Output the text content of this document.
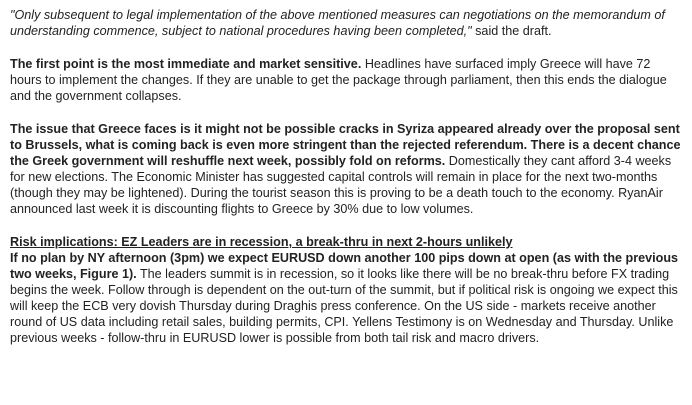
"Only subsequent to legal implementation of the above mentioned measures can negotiations on the memorandum of understanding commence, subject to national procedures having been completed," said the draft.

The first point is the most immediate and market sensitive. Headlines have surfaced imply Greece will have 72 hours to implement the changes. If they are unable to get the package through parliament, then this ends the dialogue and the government collapses.

The issue that Greece faces is it might not be possible cracks in Syriza appeared already over the proposal sent to Brussels, what is coming back is even more stringent than the rejected referendum. There is a decent chance the Greek government will reshuffle next week, possibly fold on reforms. Domestically they cant afford 3-4 weeks for new elections. The Economic Minister has suggested capital controls will remain in place for the next two-months (though they may be lightened). During the tourist season this is proving to be a death touch to the economy. RyanAir announced last week it is discounting flights to Greece by 30% due to low volumes.

Risk implications: EZ Leaders are in recession, a break-thru in next 2-hours unlikely
If no plan by NY afternoon (3pm) we expect EURUSD down another 100 pips down at open (as with the previous two weeks, Figure 1). The leaders summit is in recession, so it looks like there will be no break-thru before FX trading begins the week. Follow through is dependent on the out-turn of the summit, but if political risk is ongoing we expect this will keep the ECB very dovish Thursday during Draghis press conference. On the US side - markets receive another round of US data including retail sales, building permits, CPI. Yellens Testimony is on Wednesday and Thursday. Unlike previous weeks - follow-thru in EURUSD lower is possible from both tail risk and macro drivers.
